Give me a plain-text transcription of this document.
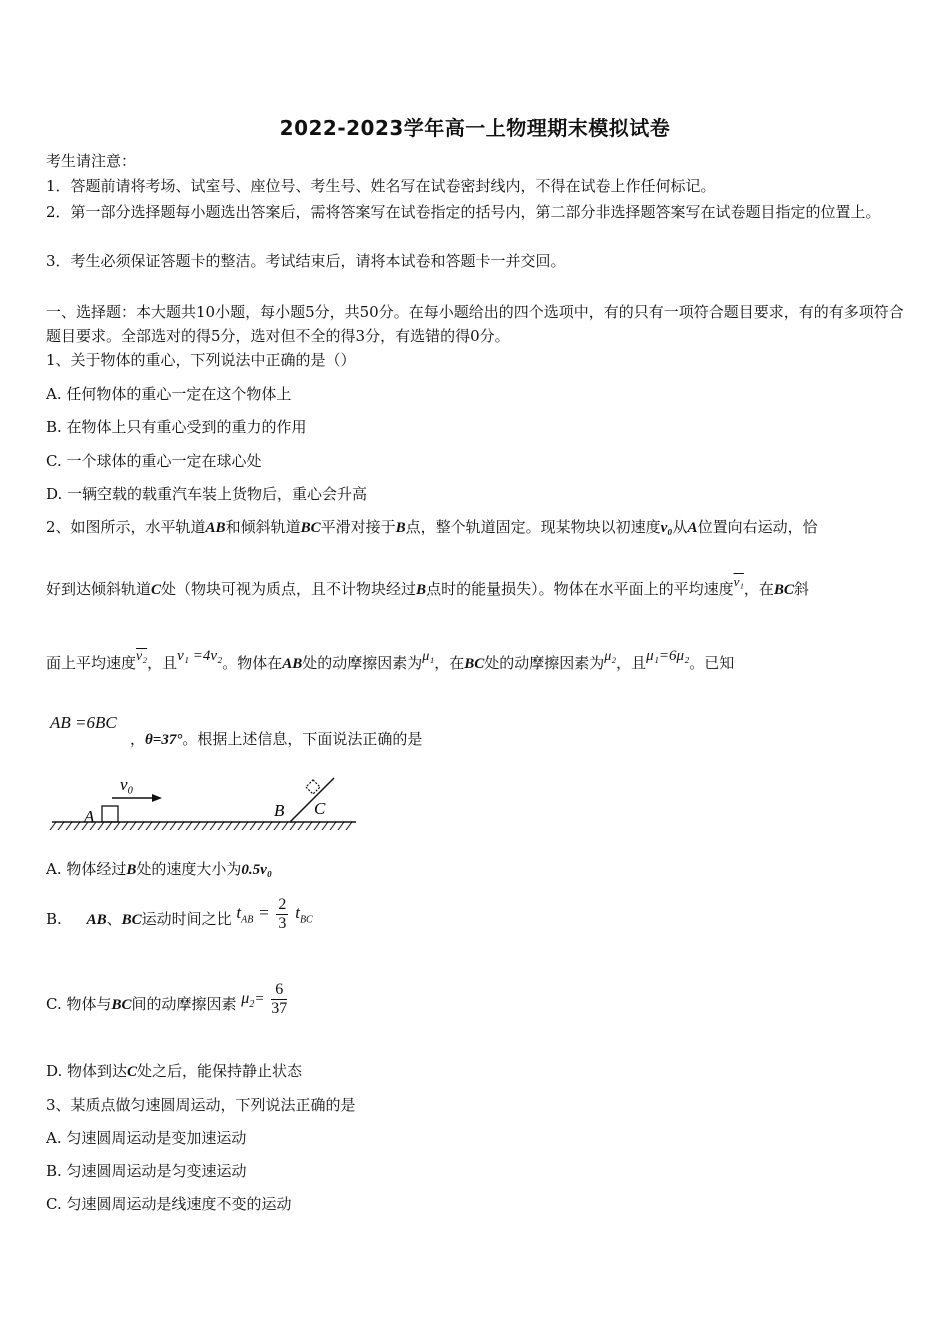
2022-2023学年高一上物理期末模拟试卷
考生请注意：
1．答题前请将考场、试室号、座位号、考生号、姓名写在试卷密封线内，不得在试卷上作任何标记。
2．第一部分选择题每小题选出答案后，需将答案写在试卷指定的括号内，第二部分非选择题答案写在试卷题目指定的位置上。
3．考生必须保证答题卡的整洁。考试结束后，请将本试卷和答题卡一并交回。
一、选择题：本大题共10小题，每小题5分，共50分。在每小题给出的四个选项中，有的只有一项符合题目要求，有的有多项符合题目要求。全部选对的得5分，选对但不全的得3分，有选错的得0分。
1、关于物体的重心，下列说法中正确的是（）
A. 任何物体的重心一定在这个物体上
B. 在物体上只有重心受到的重力的作用
C. 一个球体的重心一定在球心处
D. 一辆空载的载重汽车装上货物后，重心会升高
2、如图所示，水平轨道AB和倾斜轨道BC平滑对接于B点，整个轨道固定。现某物块以初速度v₀从A位置向右运动，恰
好到达倾斜轨道C处（物块可视为质点，且不计物块经过B点时的能量损失）。物体在水平面上的平均速度v₁，在BC斜
面上平均速度v₂，且v₁ =4v₂。物体在AB处的动摩擦因素为μ₁，在BC处的动摩擦因素为μ₂，且μ₁=6μ₂。已知
AB =6BC
，θ=37°。根据上述信息，下面说法正确的是
v₀
A	B C
A. 物体经过B处的速度大小为0.5v₀
B. AB、BC运动时间之比 $t_{AB} = \frac{2}{3} t_{BC}$
C. 物体与BC间的动摩擦因素 $\mu_2= \frac{6}{37}$
D. 物体到达C处之后，能保持静止状态
3、某质点做匀速圆周运动，下列说法正确的是
A. 匀速圆周运动是变加速运动
B. 匀速圆周运动是匀变速运动
C. 匀速圆周运动是线速度不变的运动
